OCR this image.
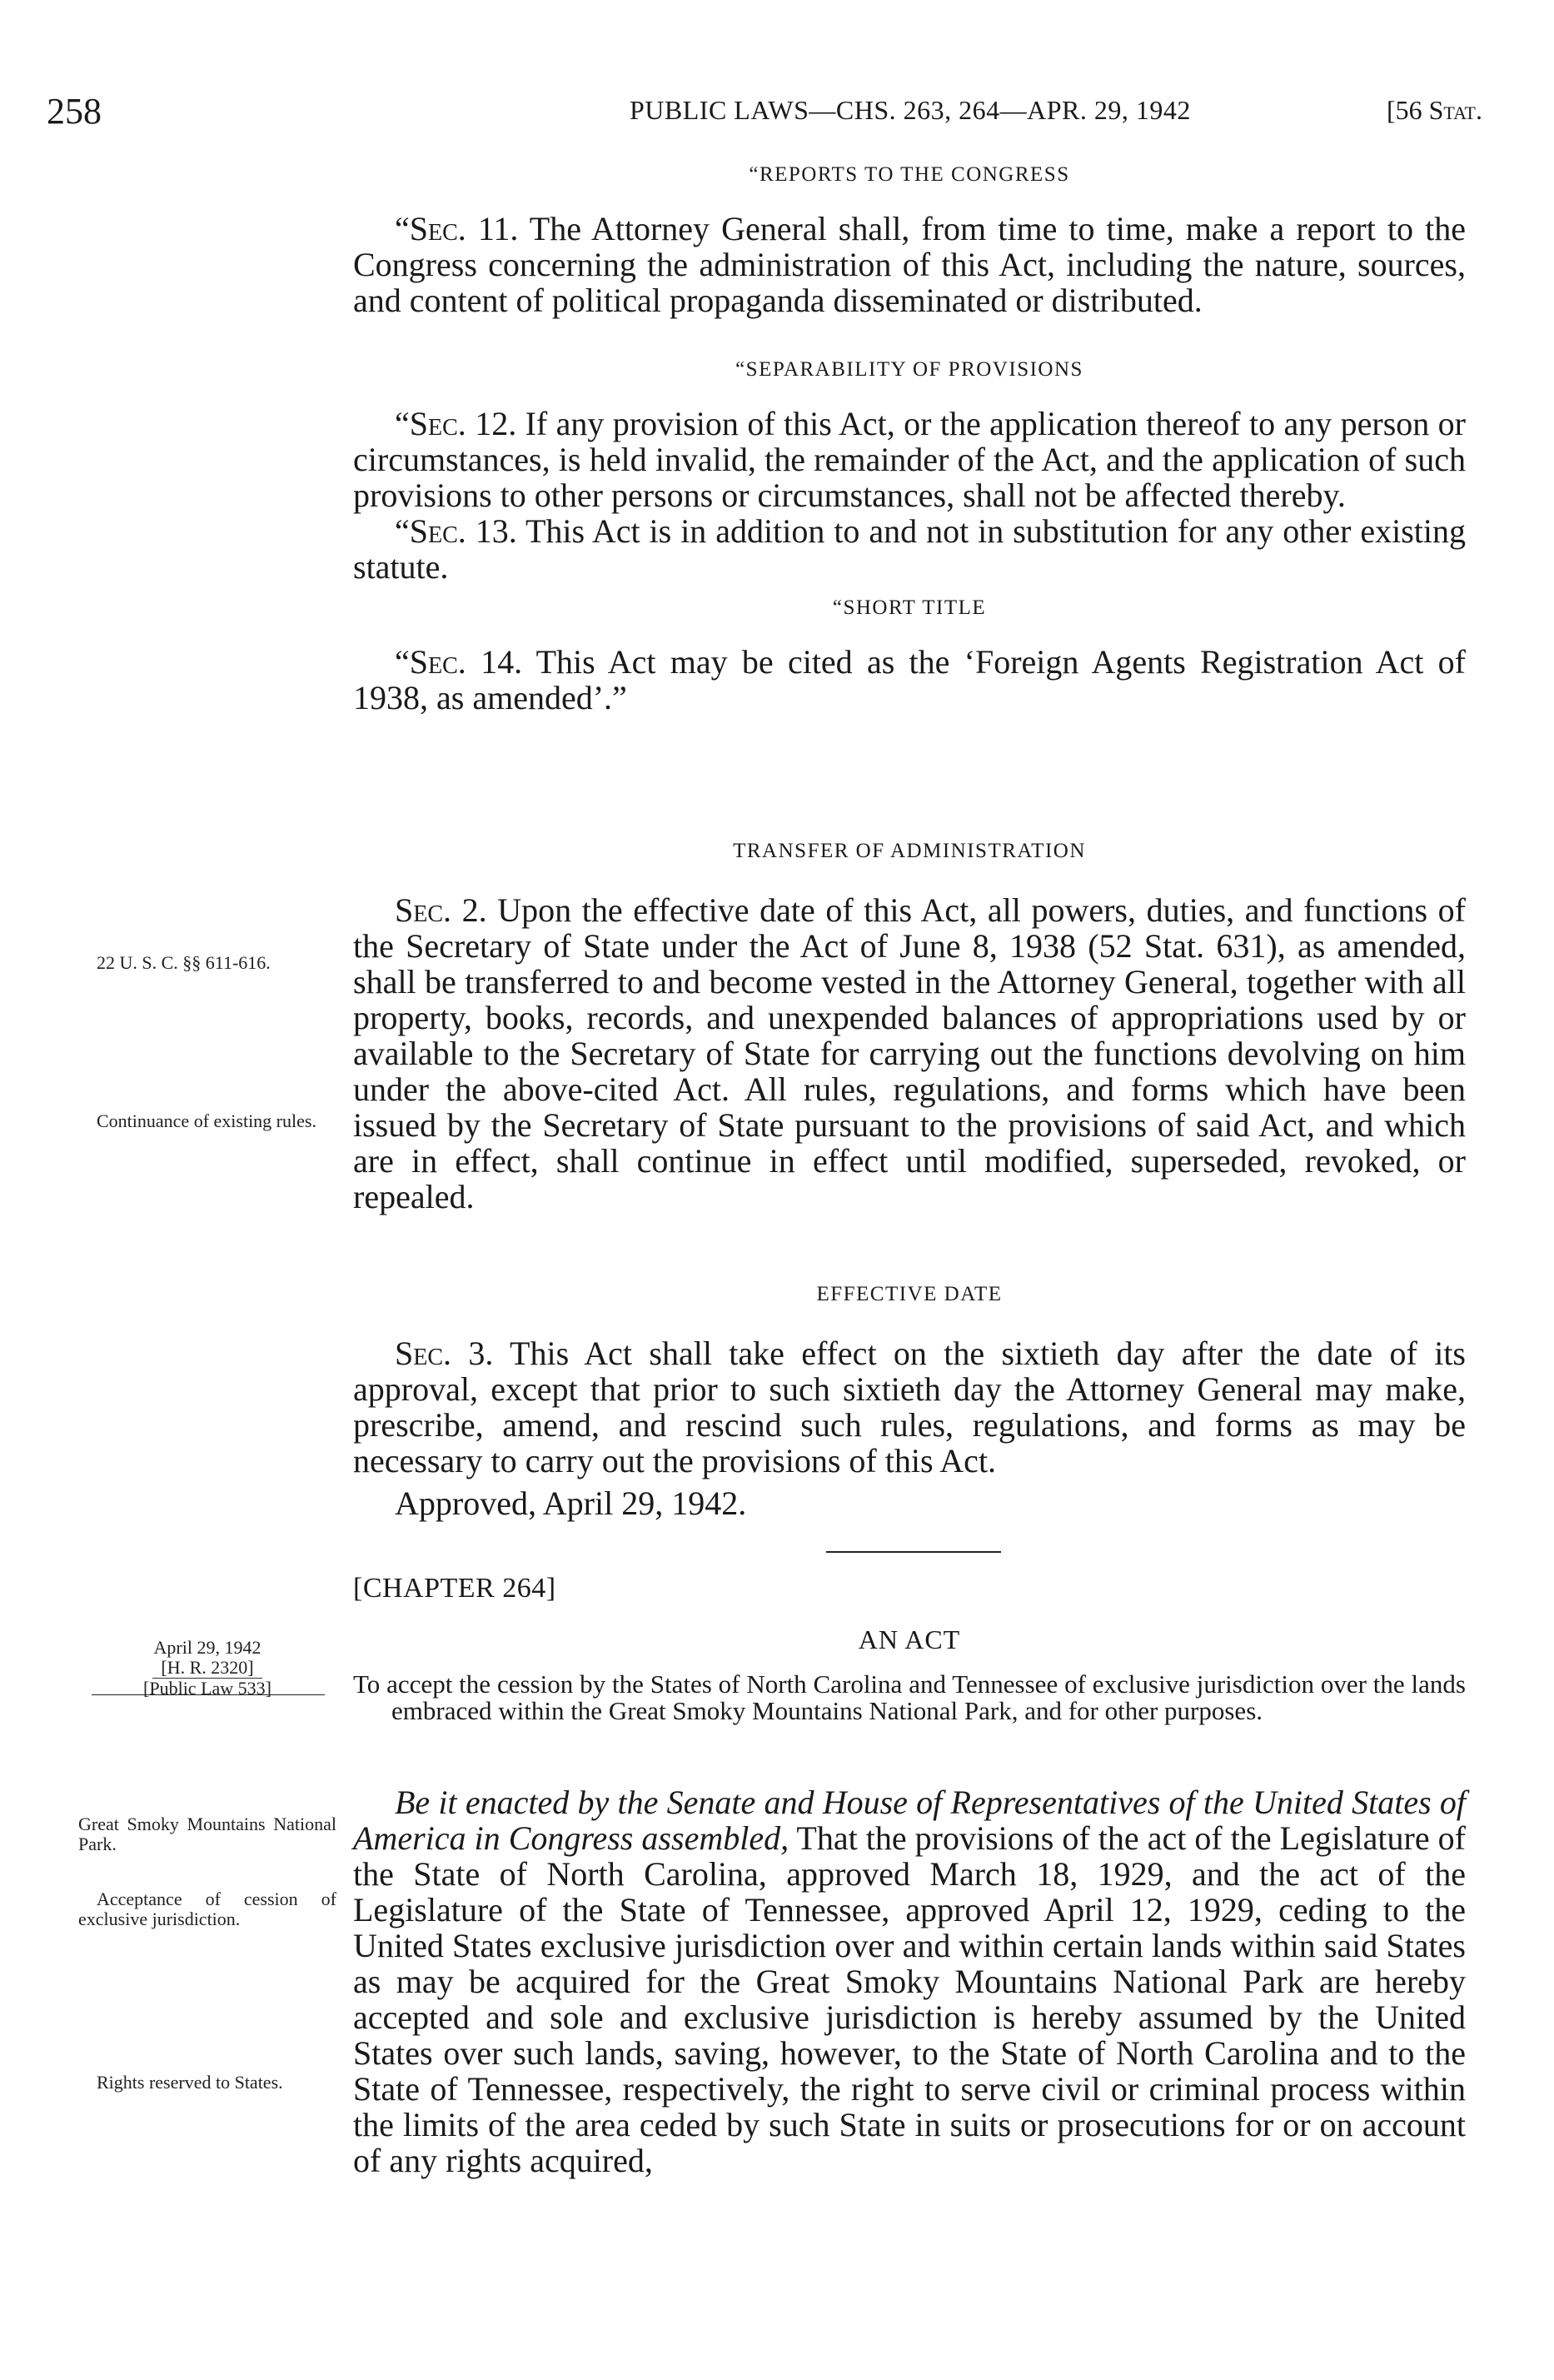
258	PUBLIC LAWS—CHS. 263, 264—APR. 29, 1942	[56 Stat.
“REPORTS TO THE CONGRESS

“Sec. 11. The Attorney General shall, from time to time, make a report to the Congress concerning the administration of this Act, including the nature, sources, and content of political propaganda disseminated or distributed.

“SEPARABILITY OF PROVISIONS

“Sec. 12. If any provision of this Act, or the application thereof to any person or circumstances, is held invalid, the remainder of the Act, and the application of such provisions to other persons or circumstances, shall not be affected thereby.

“Sec. 13. This Act is in addition to and not in substitution for any other existing statute.

“SHORT TITLE

“Sec. 14. This Act may be cited as the ‘Foreign Agents Registration Act of 1938, as amended’.”

TRANSFER OF ADMINISTRATION

Sec. 2. Upon the effective date of this Act, all powers, duties, and functions of the Secretary of State under the Act of June 8, 1938 (52 Stat. 631), as amended, shall be transferred to and become vested in the Attorney General, together with all property, books, records, and unexpended balances of appropriations used by or available to the Secretary of State for carrying out the functions devolving on him under the above-cited Act. All rules, regulations, and forms which have been issued by the Secretary of State pursuant to the provisions of said Act, and which are in effect, shall continue in effect until modified, superseded, revoked, or repealed.

EFFECTIVE DATE

Sec. 3. This Act shall take effect on the sixtieth day after the date of its approval, except that prior to such sixtieth day the Attorney General may make, prescribe, amend, and rescind such rules, regulations, and forms as may be necessary to carry out the provisions of this Act.

Approved, April 29, 1942.

[CHAPTER 264]
AN ACT
To accept the cession by the States of North Carolina and Tennessee of exclusive jurisdiction over the lands embraced within the Great Smoky Mountains National Park, and for other purposes.

Be it enacted by the Senate and House of Representatives of the United States of America in Congress assembled, That the provisions of the act of the Legislature of the State of North Carolina, approved March 18, 1929, and the act of the Legislature of the State of Tennessee, approved April 12, 1929, ceding to the United States exclusive jurisdiction over and within certain lands within said States as may be acquired for the Great Smoky Mountains National Park are hereby accepted and sole and exclusive jurisdiction is hereby assumed by the United States over such lands, saving, however, to the State of North Carolina and to the State of Tennessee, respectively, the right to serve civil or criminal process within the limits of the area ceded by such State in suits or prosecutions for or on account of any rights acquired,

22 U. S. C. §§ 611-616.
Continuance of existing rules.
April 29, 1942
[H. R. 2320]
[Public Law 533]
Great Smoky Mountains National Park.
Acceptance of cession of exclusive jurisdiction.
Rights reserved to States.
